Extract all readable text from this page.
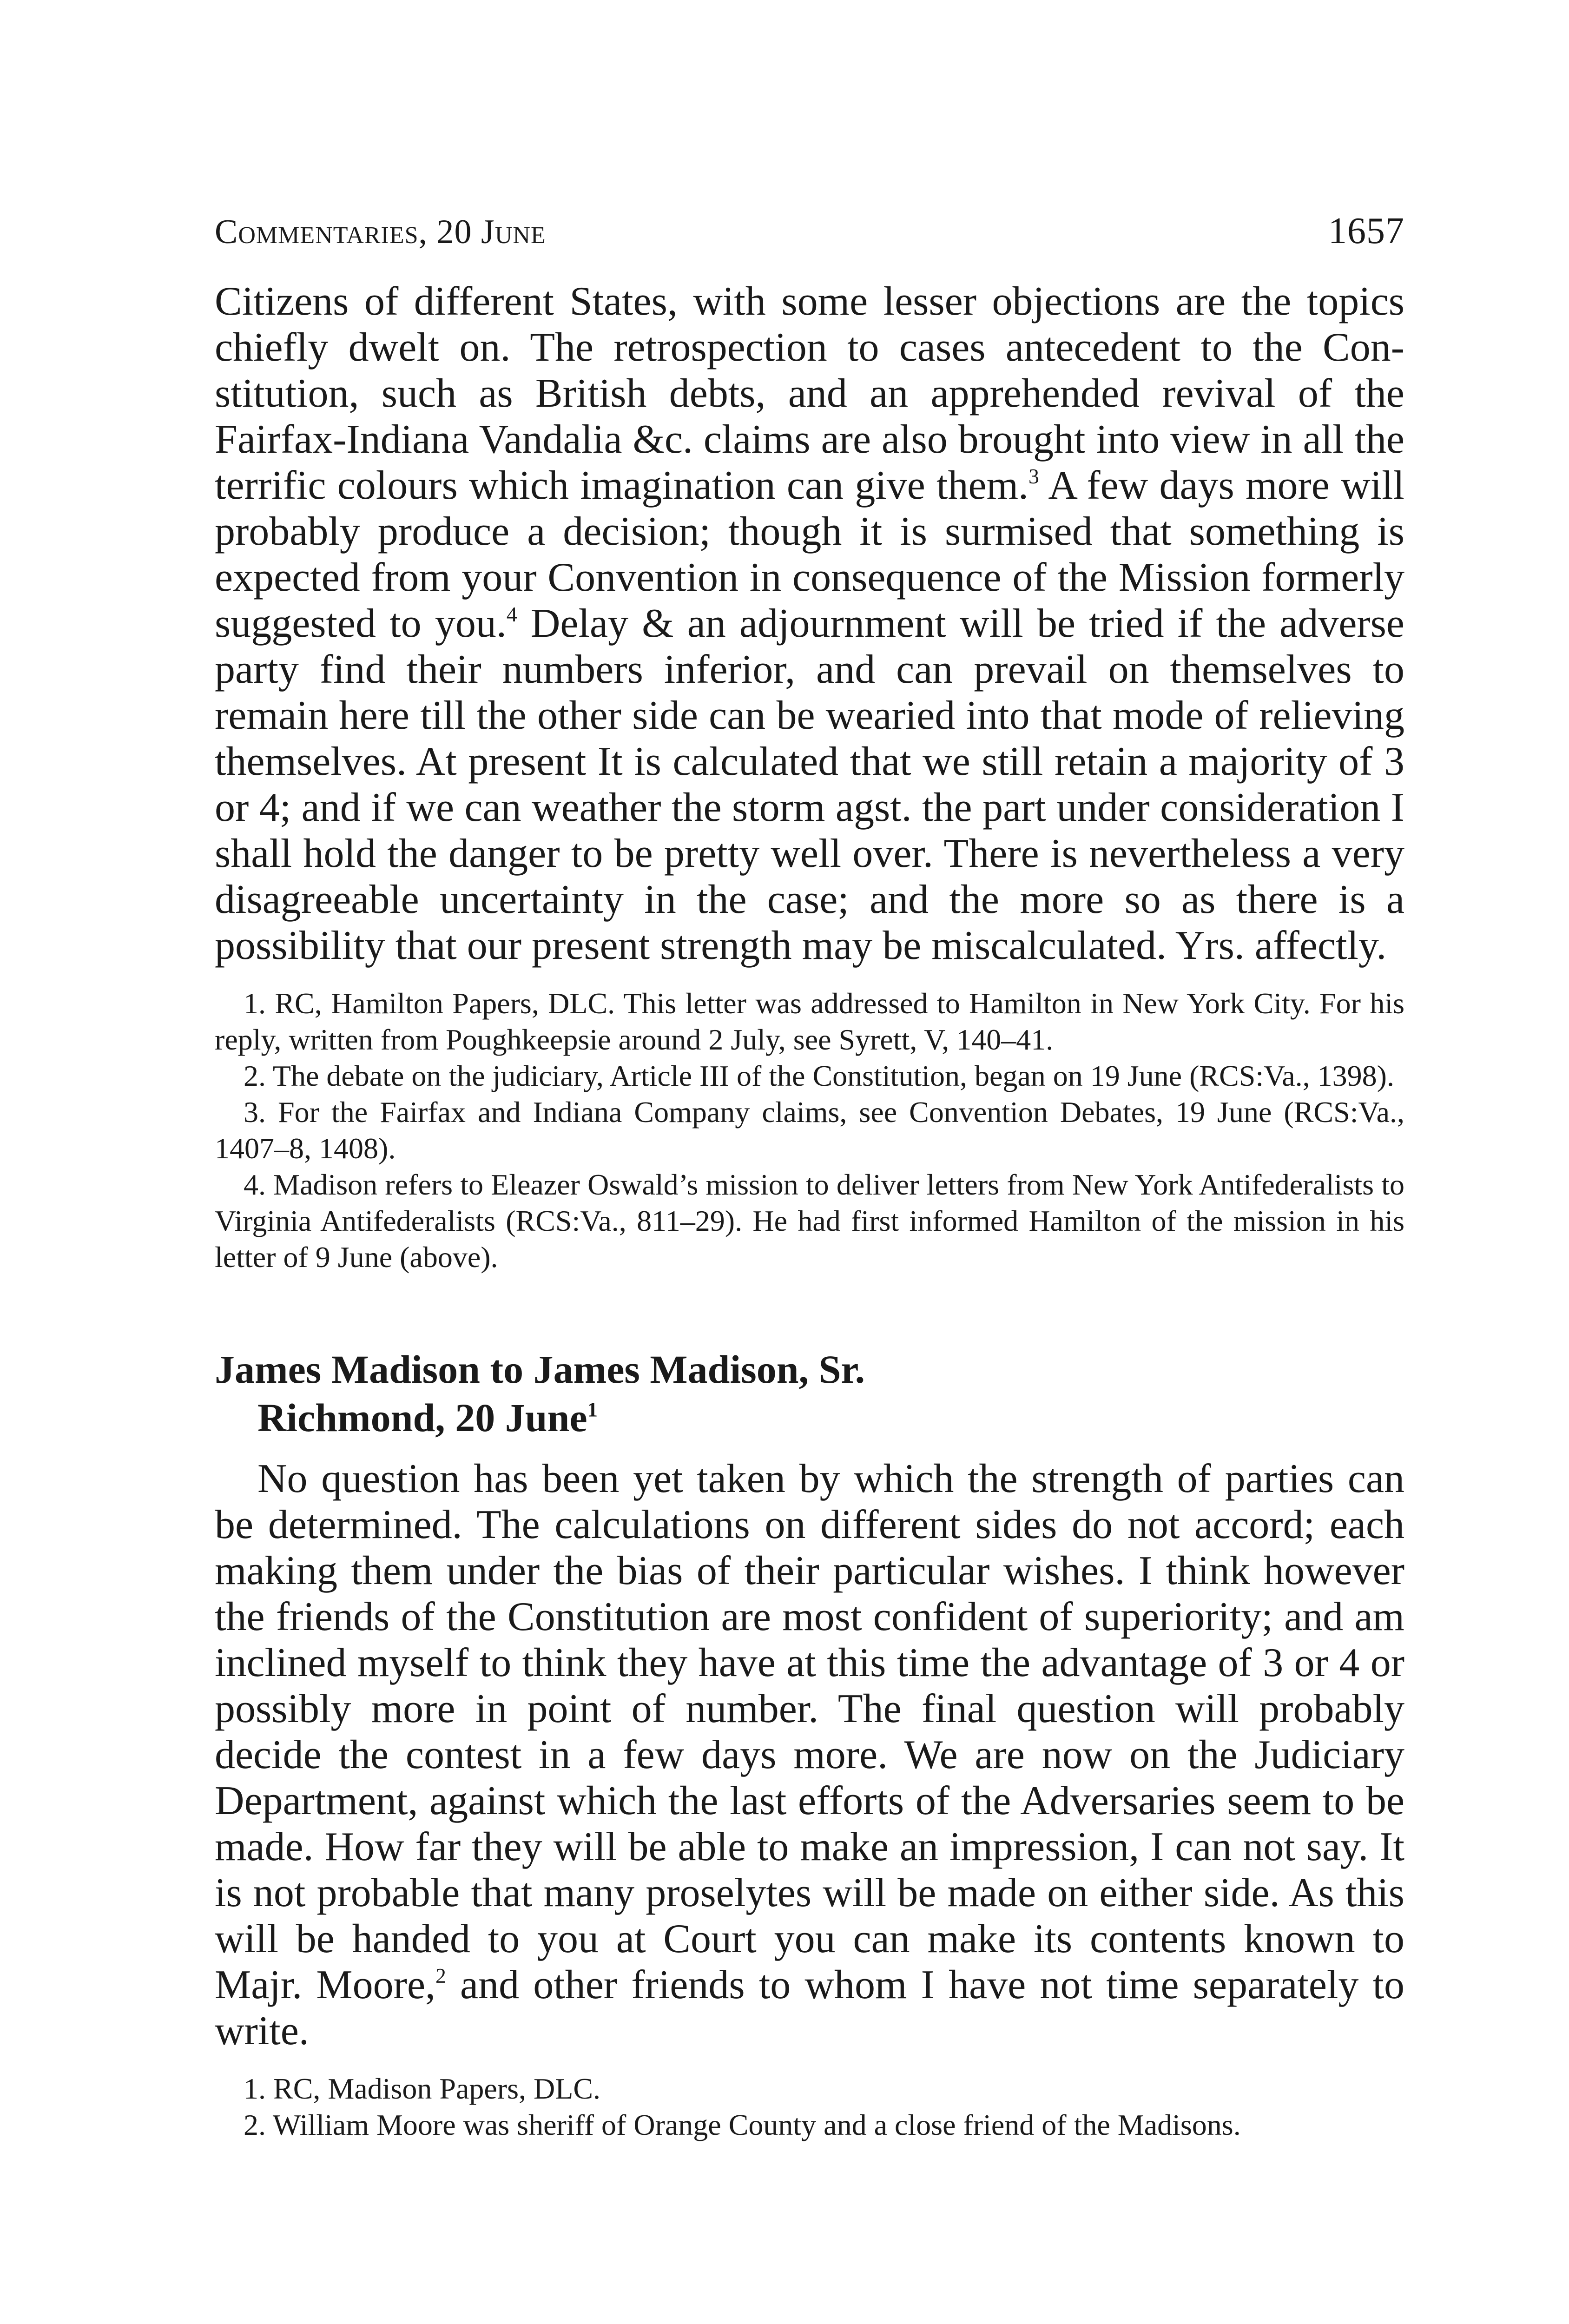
Commentaries, 20 June	1657

Citizens of different States, with some lesser objections are the topics chiefly dwelt on. The retrospection to cases antecedent to the Constitution, such as British debts, and an apprehended revival of the Fairfax-Indiana Vandalia &c. claims are also brought into view in all the terrific colours which imagination can give them.$^3$ A few days more will probably produce a decision; though it is surmised that something is expected from your Convention in consequence of the Mission formerly suggested to you.$^4$ Delay & an adjournment will be tried if the adverse party find their numbers inferior, and can prevail on themselves to remain here till the other side can be wearied into that mode of relieving themselves. At present It is calculated that we still retain a majority of 3 or 4; and if we can weather the storm agst. the part under consideration I shall hold the danger to be pretty well over. There is nevertheless a very disagreeable uncertainty in the case; and the more so as there is a possibility that our present strength may be miscalculated. Yrs. affectly.

1. RC, Hamilton Papers, DLC. This letter was addressed to Hamilton in New York City. For his reply, written from Poughkeepsie around 2 July, see Syrett, V, 140–41.

2. The debate on the judiciary, Article III of the Constitution, began on 19 June (RCS:Va., 1398).

3. For the Fairfax and Indiana Company claims, see Convention Debates, 19 June (RCS:Va., 1407–8, 1408).

4. Madison refers to Eleazer Oswald’s mission to deliver letters from New York Antifederalists to Virginia Antifederalists (RCS:Va., 811–29). He had first informed Hamilton of the mission in his letter of 9 June (above).

James Madison to James Madison, Sr.
Richmond, 20 June$^1$

No question has been yet taken by which the strength of parties can be determined. The calculations on different sides do not accord; each making them under the bias of their particular wishes. I think however the friends of the Constitution are most confident of superiority; and am inclined myself to think they have at this time the advantage of 3 or 4 or possibly more in point of number. The final question will probably decide the contest in a few days more. We are now on the Judiciary Department, against which the last efforts of the Adversaries seem to be made. How far they will be able to make an impression, I can not say. It is not probable that many proselytes will be made on either side. As this will be handed to you at Court you can make its contents known to Majr. Moore,$^2$ and other friends to whom I have not time separately to write.

1. RC, Madison Papers, DLC.

2. William Moore was sheriff of Orange County and a close friend of the Madisons.
